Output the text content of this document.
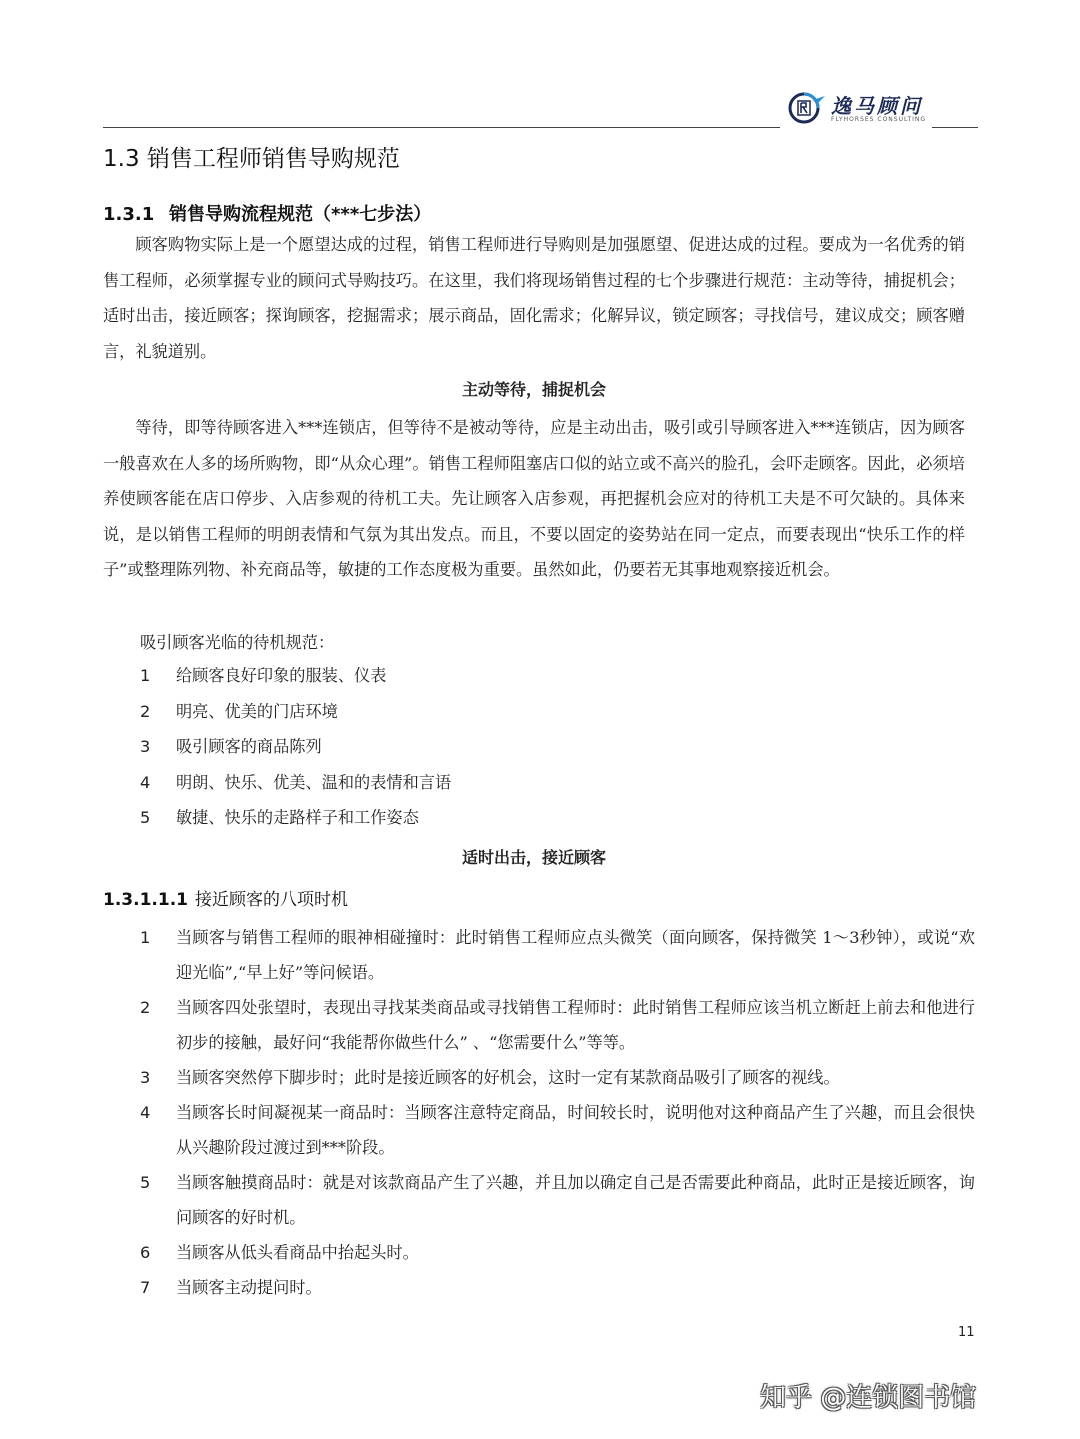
逸马顾问
FLYHORSES CONSULTING
1.3 销售工程师销售导购规范
1.3.1 销售导购流程规范（***七步法）

顾客购物实际上是一个愿望达成的过程，销售工程师进行导购则是加强愿望、促进达成的过程。要成为一名优秀的销售工程师，必须掌握专业的顾问式导购技巧。在这里，我们将现场销售过程的七个步骤进行规范：主动等待，捕捉机会；适时出击，接近顾客；探询顾客，挖掘需求；展示商品，固化需求；化解异议，锁定顾客；寻找信号，建议成交；顾客赠言，礼貌道别。

主动等待，捕捉机会

等待，即等待顾客进入***连锁店，但等待不是被动等待，应是主动出击，吸引或引导顾客进入***连锁店，因为顾客一般喜欢在人多的场所购物，即“从众心理”。销售工程师阻塞店口似的站立或不高兴的脸孔，会吓走顾客。因此，必须培养使顾客能在店口停步、入店参观的待机工夫。先让顾客入店参观，再把握机会应对的待机工夫是不可欠缺的。具体来说，是以销售工程师的明朗表情和气氛为其出发点。而且，不要以固定的姿势站在同一定点，而要表现出“快乐工作的样子”或整理陈列物、补充商品等，敏捷的工作态度极为重要。虽然如此，仍要若无其事地观察接近机会。

吸引顾客光临的待机规范：
1 给顾客良好印象的服装、仪表
2 明亮、优美的门店环境
3 吸引顾客的商品陈列
4 明朗、快乐、优美、温和的表情和言语
5 敏捷、快乐的走路样子和工作姿态
适时出击，接近顾客
1.3.1.1.1 接近顾客的八项时机
1 当顾客与销售工程师的眼神相碰撞时：此时销售工程师应点头微笑（面向顾客，保持微笑 1～3秒钟），或说“欢迎光临”,“早上好”等问候语。
2 当顾客四处张望时，表现出寻找某类商品或寻找销售工程师时：此时销售工程师应该当机立断赶上前去和他进行初步的接触，最好问“我能帮你做些什么” 、“您需要什么”等等。
3 当顾客突然停下脚步时；此时是接近顾客的好机会，这时一定有某款商品吸引了顾客的视线。
4 当顾客长时间凝视某一商品时：当顾客注意特定商品，时间较长时，说明他对这种商品产生了兴趣，而且会很快从兴趣阶段过渡过到***阶段。
5 当顾客触摸商品时：就是对该款商品产生了兴趣，并且加以确定自己是否需要此种商品，此时正是接近顾客，询问顾客的好时机。
6 当顾客从低头看商品中抬起头时。
7 当顾客主动提问时。
11
知乎 @连锁图书馆
